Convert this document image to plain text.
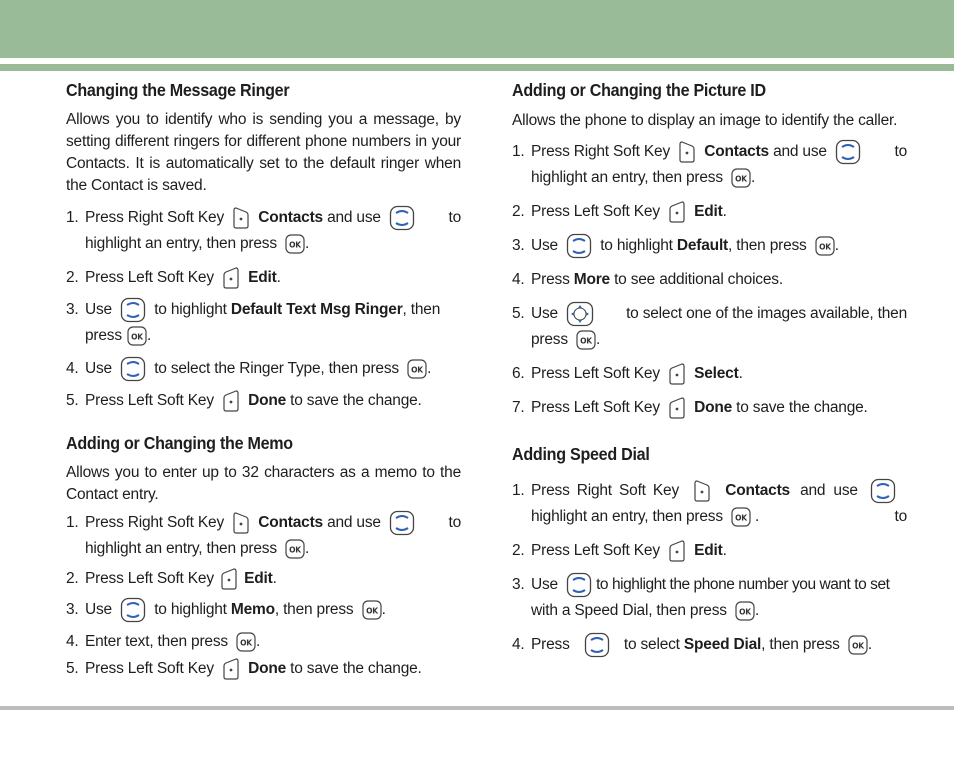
Changing the Message Ringer

Allows you to identify who is sending you a message, by setting different ringers for different phone numbers in your Contacts. It is automatically set to the default ringer when the Contact is saved.

1. Press Right Soft Key Contacts and use	to

highlight an entry, then press OK .
2. Press Left Soft Key Edit.
3. Use	to highlight Default Text Msg Ringer, then
press OK .
4. Use	to select the Ringer Type, then press OK .
5. Press Left Soft Key Done to save the change.
Adding or Changing the Memo

Allows you to enter up to 32 characters as a memo to the Contact entry.

1. Press Right Soft Key Contacts and use	to

highlight an entry, then press OK .
2. Press Left Soft Key Edit.
3. Use	to highlight Memo, then press OK .
4. Enter text, then press OK .
5. Press Left Soft Key Done to save the change.
Adding or Changing the Picture ID

Allows the phone to display an image to identify the caller.

1. Press Right Soft Key Contacts and use	to

highlight an entry, then press OK .
2. Press Left Soft Key Edit.
3. Use	to highlight Default, then press OK .
4. Press More to see additional choices.
5. Use	to select one of the images available, then

press OK .
6. Press Left Soft Key Select.
7. Press Left Soft Key Done to save the change.
Adding Speed Dial
1. Press Right Soft Key	Contacts and use
to

highlight an entry, then press OK .
2. Press Left Soft Key Edit.
3. Use to highlight the phone number you want to set
with a Speed Dial, then press OK .
4. Press	to select Speed Dial, then press OK .
